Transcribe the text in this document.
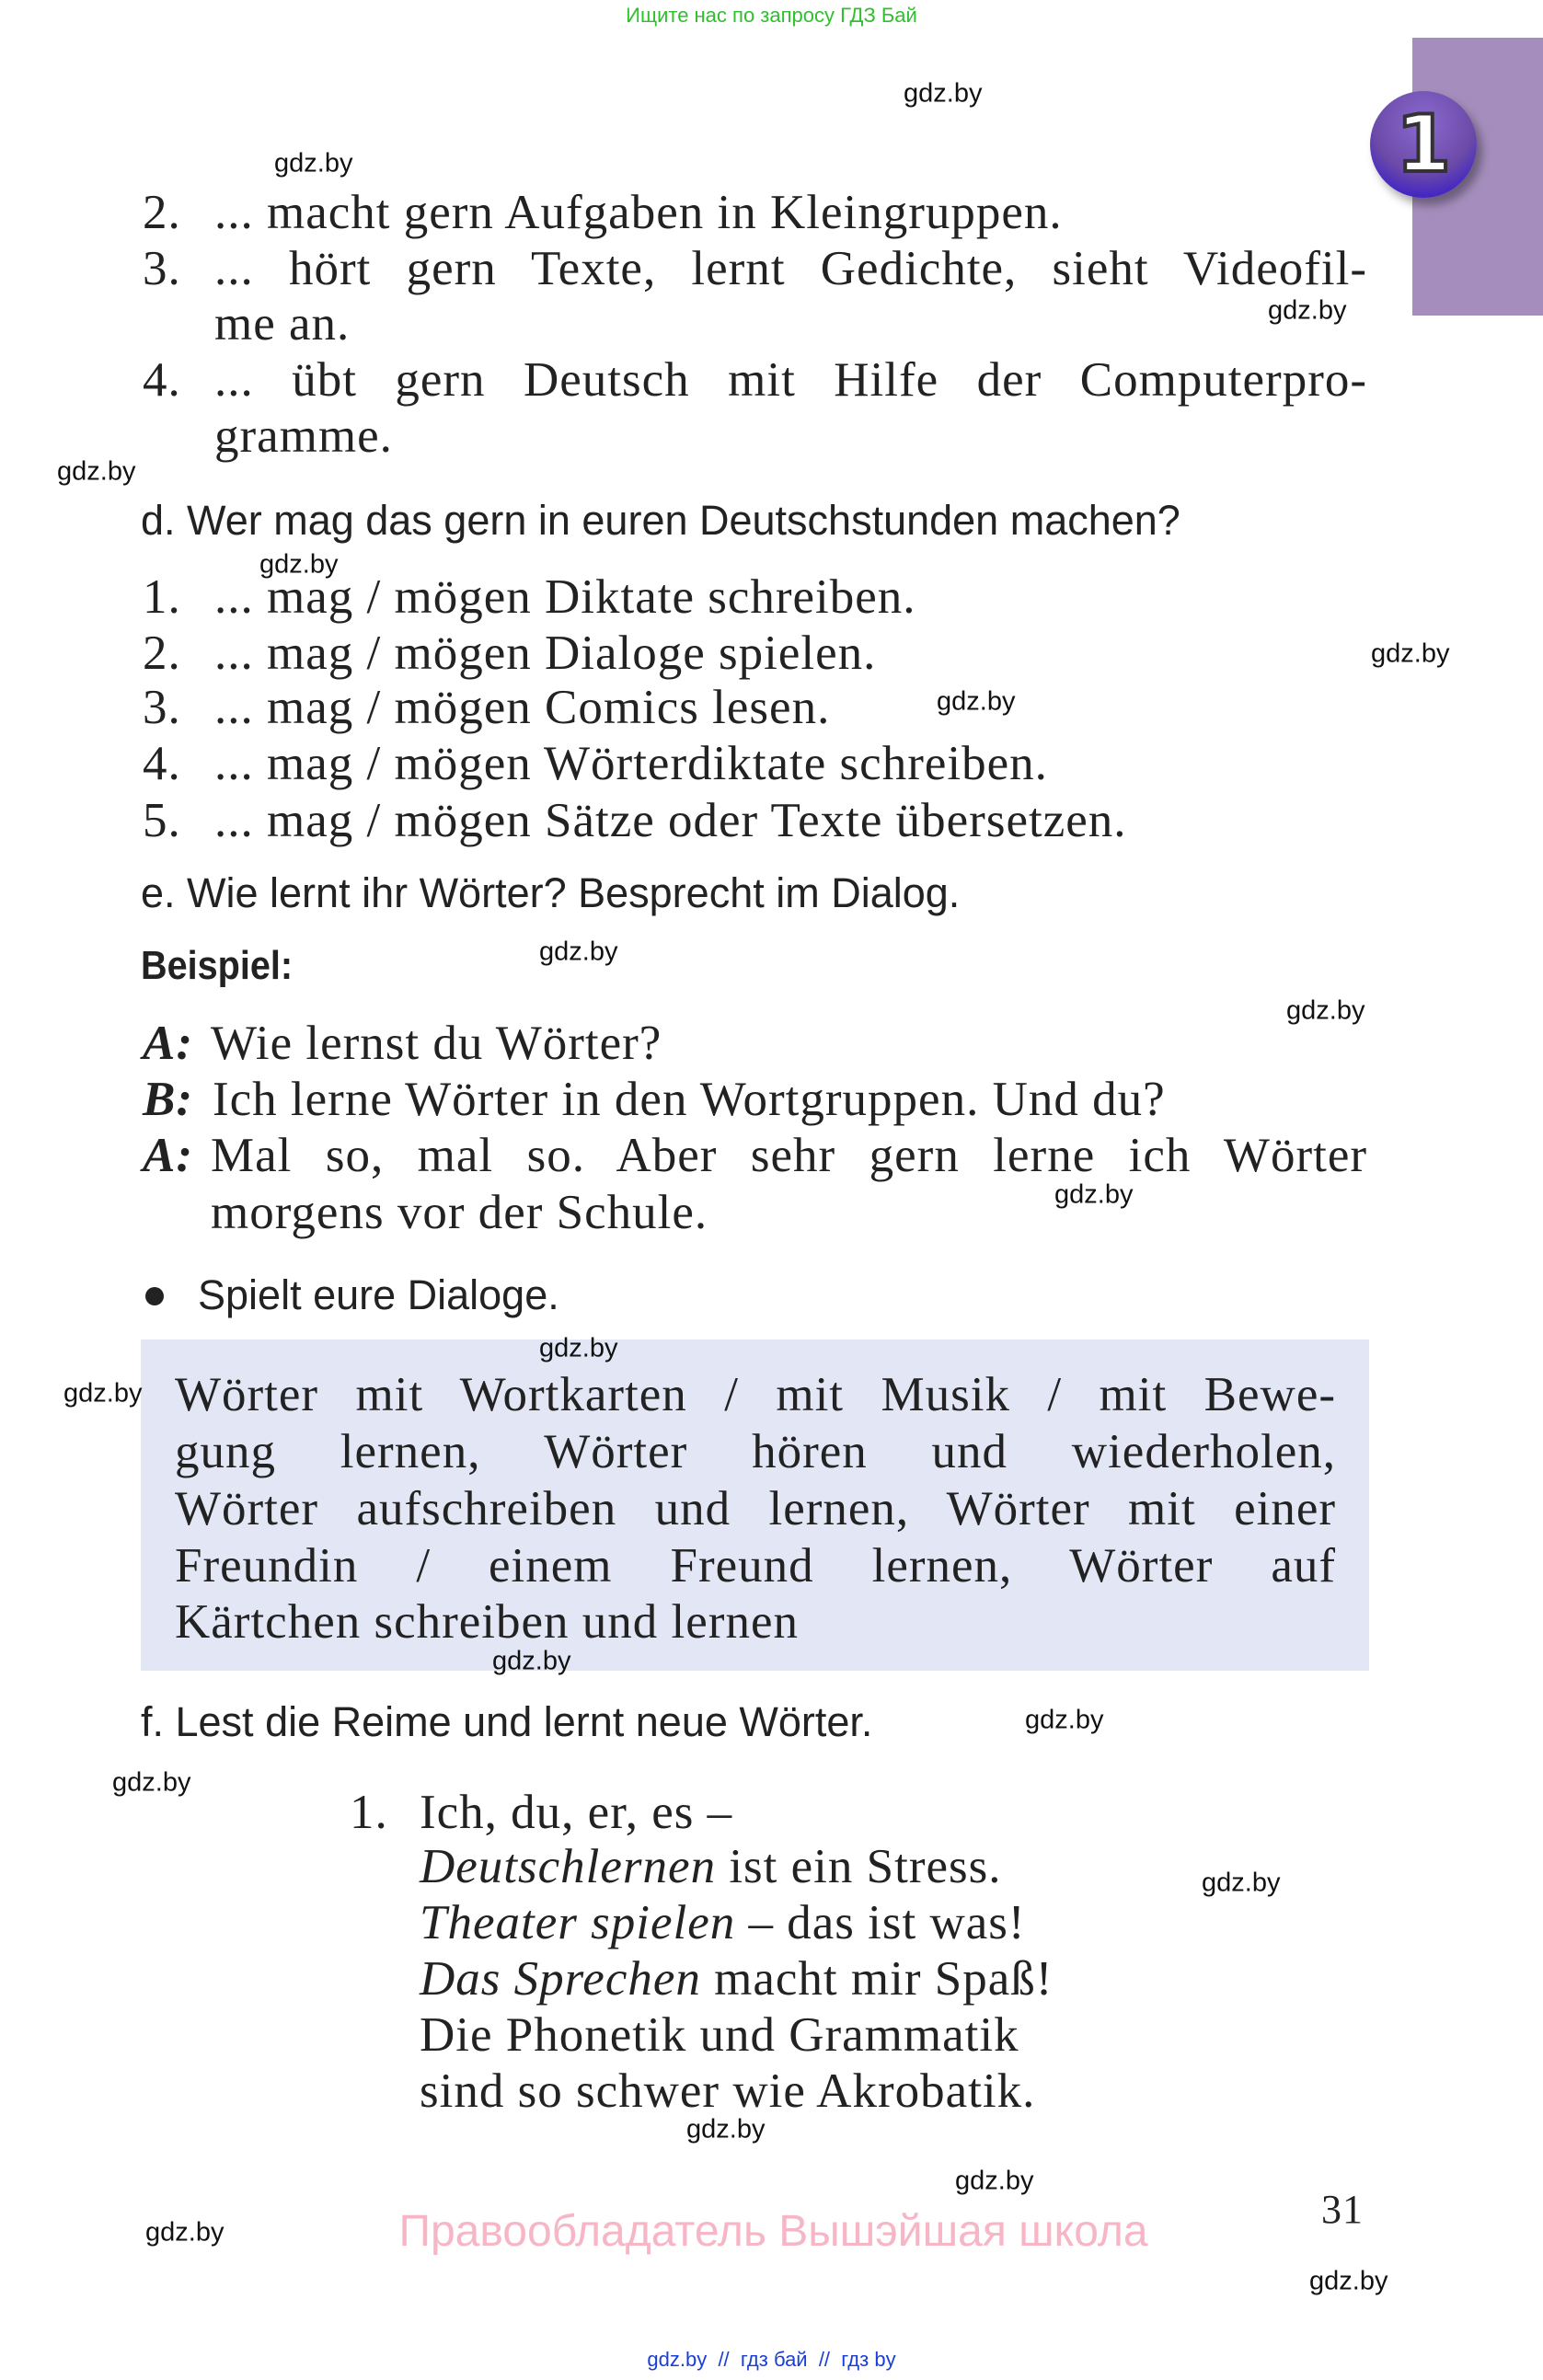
Ищите нас по запросу ГДЗ Бай
1
2. ... macht gern Aufgaben in Kleingruppen.
3. ... hört gern Texte, lernt Gedichte, sieht Videofil-
me an.
4. ... übt gern Deutsch mit Hilfe der Computerpro-
gramme.
d. Wer mag das gern in euren Deutschstunden machen?
1. ... mag / mögen Diktate schreiben.
2. ... mag / mögen Dialoge spielen.
3. ... mag / mögen Comics lesen.
4. ... mag / mögen Wörterdiktate schreiben.
5. ... mag / mögen Sätze oder Texte übersetzen.
e. Wie lernt ihr Wörter? Besprecht im Dialog.
Beispiel:
A: Wie lernst du Wörter?
B: Ich lerne Wörter in den Wortgruppen. Und du?
A: Mal so, mal so. Aber sehr gern lerne ich Wörter
morgens vor der Schule.
Spielt eure Dialoge.
Wörter mit Wortkarten / mit Musik / mit Bewe-
gung lernen, Wörter hören und wiederholen,
Wörter aufschreiben und lernen, Wörter mit einer
Freundin / einem Freund lernen, Wörter auf
Kärtchen schreiben und lernen
f. Lest die Reime und lernt neue Wörter.
1. Ich, du, er, es –
Deutschlernen ist ein Stress.
Theater spielen – das ist was!
Das Sprechen macht mir Spaß!
Die Phonetik und Grammatik
sind so schwer wie Akrobatik.
31
Правообладатель Вышэйшая школа
gdz.by  //  гдз бай  //  гдз by
gdz.by
gdz.by
gdz.by
gdz.by
gdz.by
gdz.by
gdz.by
gdz.by
gdz.by
gdz.by
gdz.by
gdz.by
gdz.by
gdz.by
gdz.by
gdz.by
gdz.by
gdz.by
gdz.by
gdz.by
